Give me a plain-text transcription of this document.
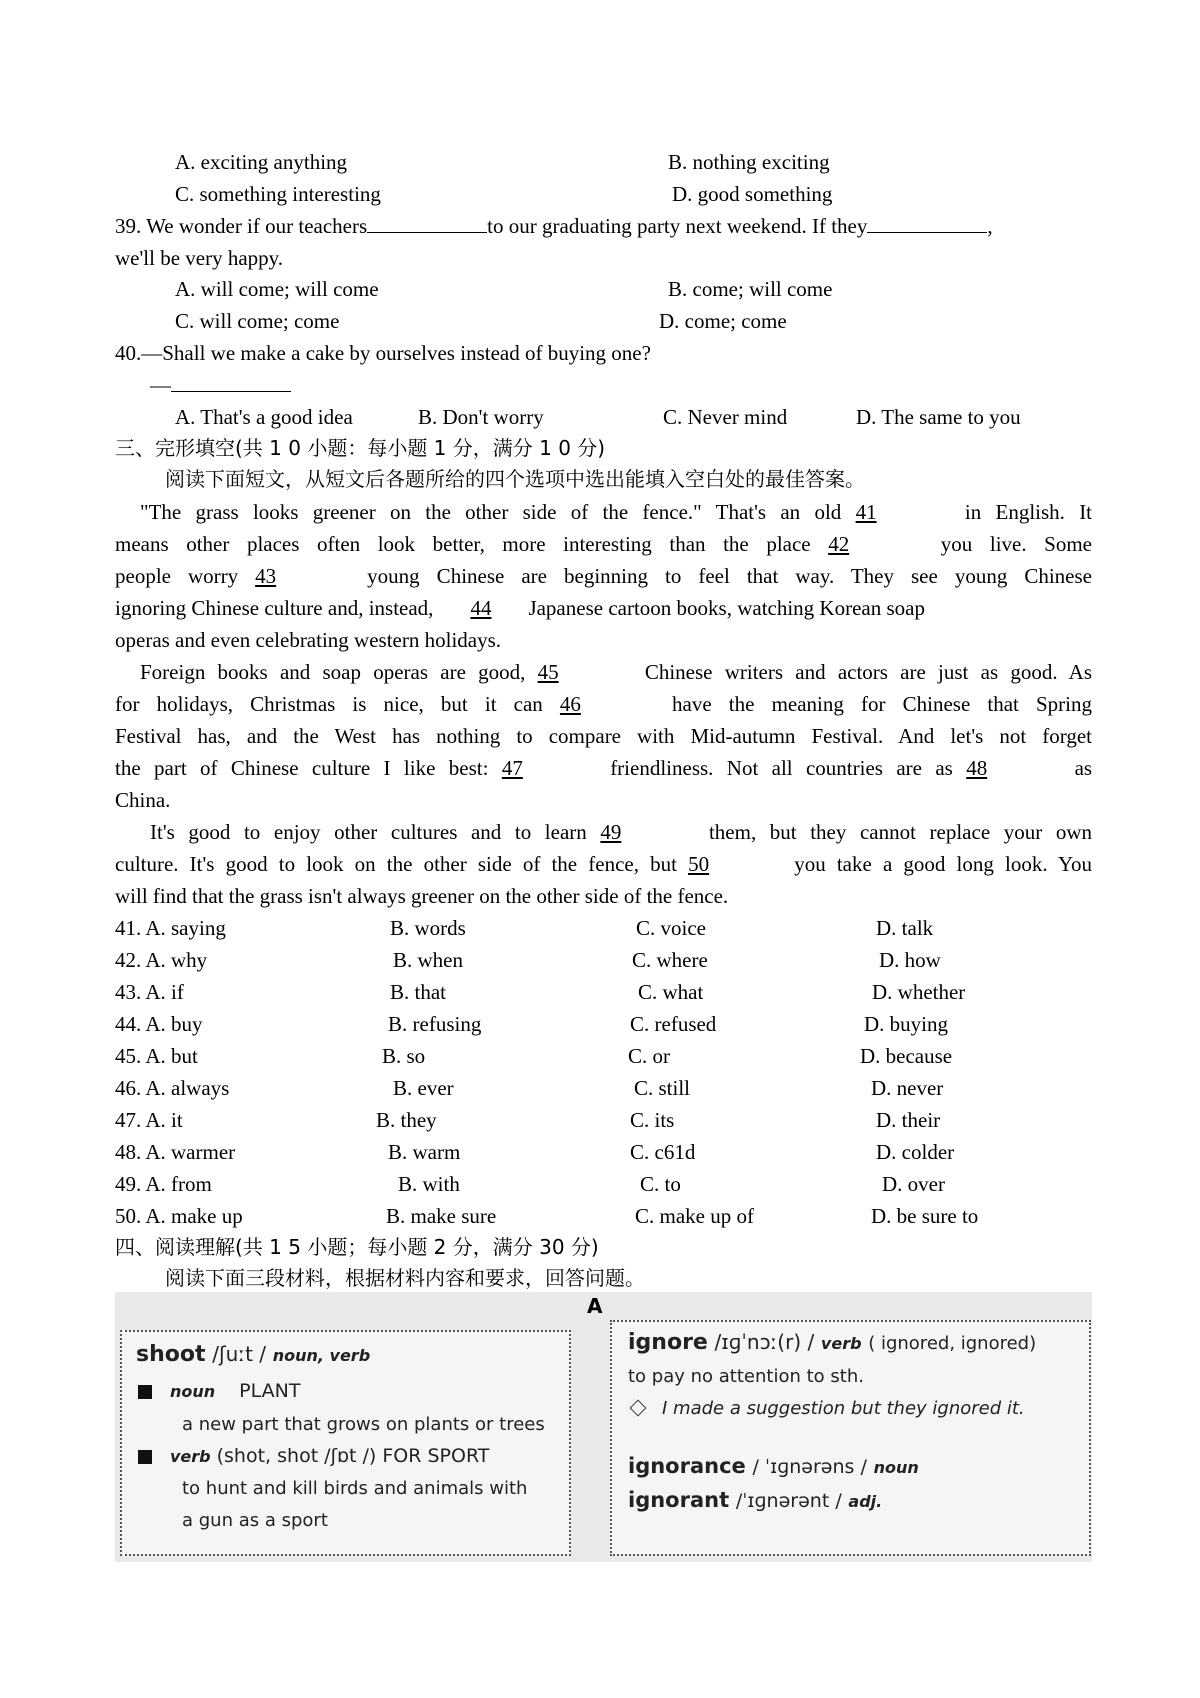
A. exciting anything	B. nothing exciting
C. something interesting	D. good something
39. We wonder if our teachers	to our graduating party next weekend. If they	,
we'll be very happy.
A. will come; will come	B. come; will come
C. will come; come	D. come; come
40.—Shall we make a cake by ourselves instead of buying one?
—
A. That's a good idea	B. Don't worry	C. Never mind	D. The same to you
三、完形填空(共 1 0 小题：每小题 1 分，满分 1 0 分)
阅读下面短文，从短文后各题所给的四个选项中选出能填入空白处的最佳答案。
"The grass looks greener on the other side of the fence." That's an old 41	in English. It
means other places often look better, more interesting than the place 42	you live. Some
people worry 43	young Chinese are beginning to feel that way. They see young Chinese
ignoring Chinese culture and, instead, 44 Japanese cartoon books, watching Korean soap
operas and even celebrating western holidays.
Foreign books and soap operas are good, 45	Chinese writers and actors are just as good. As
for holidays, Christmas is nice, but it can 46	have the meaning for Chinese that Spring
Festival has, and the West has nothing to compare with Mid-autumn Festival. And let's not forget
the part of Chinese culture I like best: 47	friendliness. Not all countries are as 48	as
China.
It's good to enjoy other cultures and to learn 49	them, but they cannot replace your own
culture. It's good to look on the other side of the fence, but 50	you take a good long look. You
will find that the grass isn't always greener on the other side of the fence.
41. A. saying	B. words	C. voice	D. talk
42. A. why	B. when	C. where	D. how
43. A. if	B. that	C. what	D. whether
44. A. buy	B. refusing	C. refused	D. buying
45. A. but	B. so	C. or	D. because
46. A. always	B. ever	C. still	D. never
47. A. it	B. they	C. its	D. their
48. A. warmer	B. warm	C. c61d	D. colder
49. A. from	B. with	C. to	D. over
50. A. make up	B. make sure	C. make up of	D. be sure to
四、阅读理解(共 1 5 小题；每小题 2 分，满分 30 分)
阅读下面三段材料，根据材料内容和要求，回答问题。
A
shoot /ʃuːt / noun, verb
noun PLANT
a new part that grows on plants or trees
verb (shot, shot /ʃɒt /) FOR SPORT
to hunt and kill birds and animals with
a gun as a sport
ignore /ɪɡˈnɔː(r) / verb ( ignored, ignored)
to pay no attention to sth.
I made a suggestion but they ignored it.
ignorance / ˈɪɡnərəns / noun
ignorant /ˈɪɡnərənt / adj.
